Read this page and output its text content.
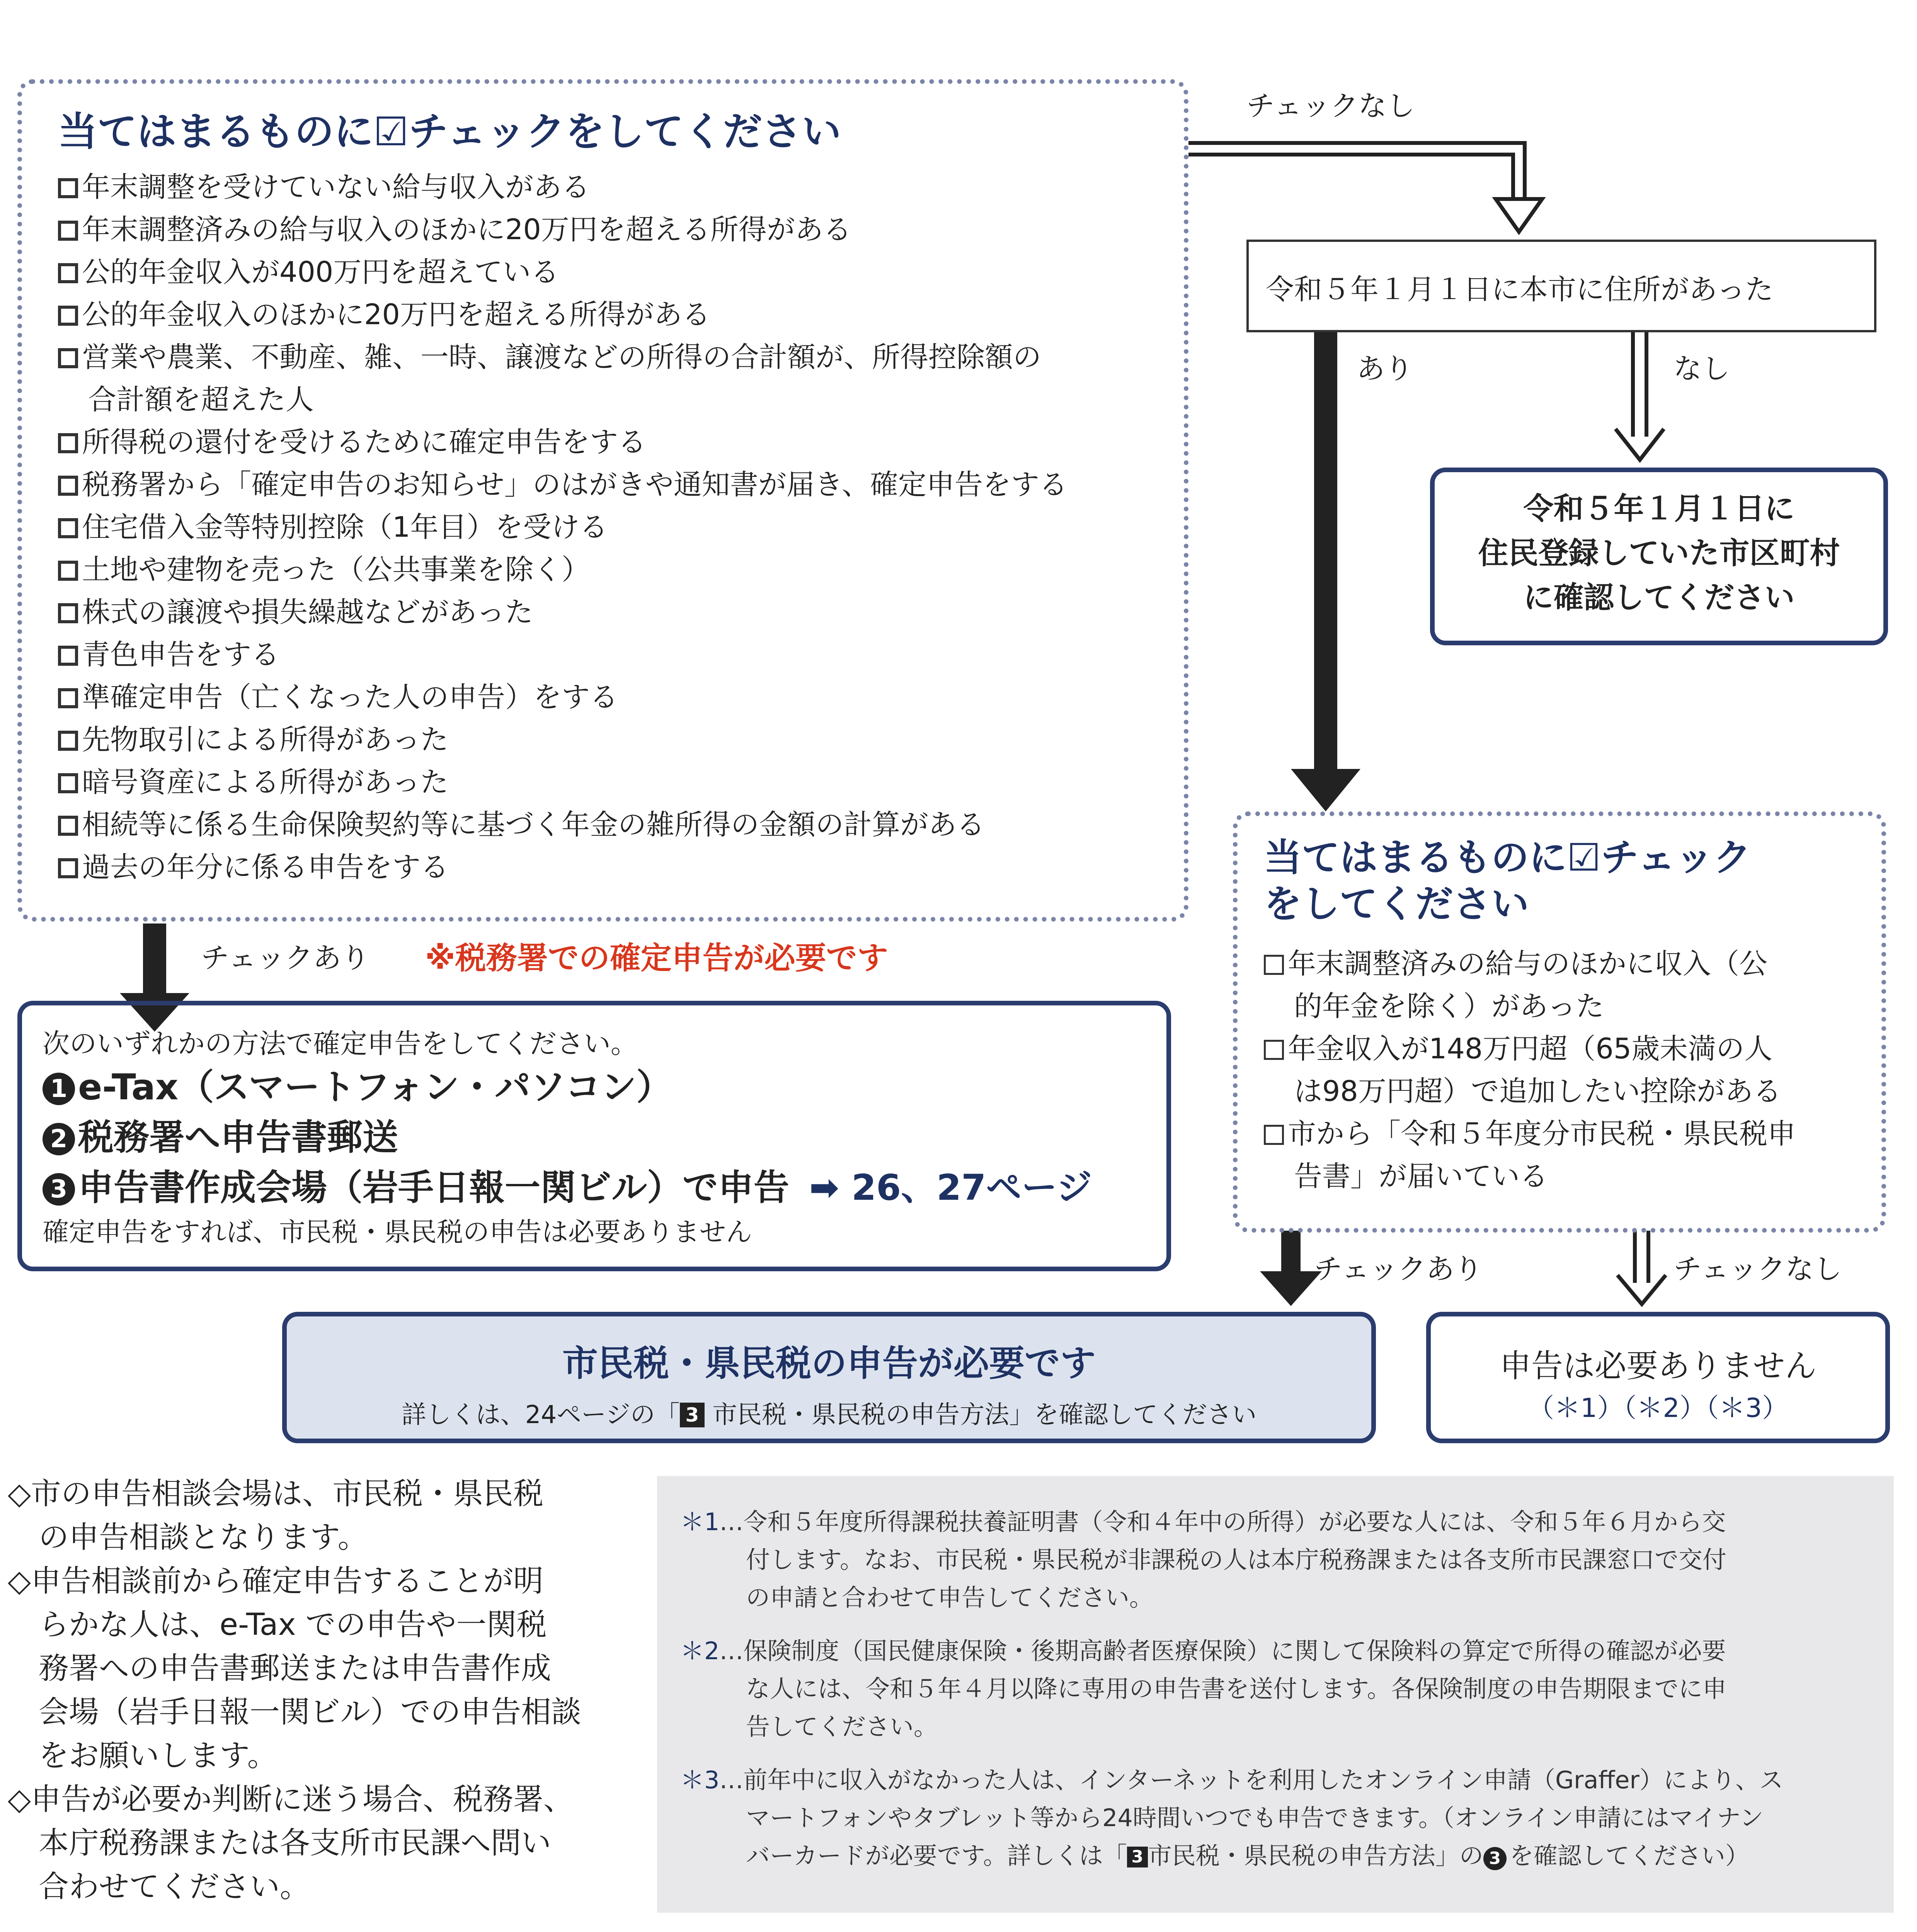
当てはまるものに☑チェックをしてください
年末調整を受けていない給与収入がある
年末調整済みの給与収入のほかに20万円を超える所得がある
公的年金収入が400万円を超えている
公的年金収入のほかに20万円を超える所得がある
営業や農業、不動産、雑、一時、譲渡などの所得の合計額が、所得控除額の
合計額を超えた人
所得税の還付を受けるために確定申告をする
税務署から「確定申告のお知らせ」のはがきや通知書が届き、確定申告をする
住宅借入金等特別控除（1年目）を受ける
土地や建物を売った（公共事業を除く）
株式の譲渡や損失繰越などがあった
青色申告をする
準確定申告（亡くなった人の申告）をする
先物取引による所得があった
暗号資産による所得があった
相続等に係る生命保険契約等に基づく年金の雑所得の金額の計算がある
過去の年分に係る申告をする
チェックなし
令和５年１月１日に本市に住所があった
あり	なし
令和５年１月１日に
住民登録していた市区町村
に確認してください
チェックあり ※税務署での確定申告が必要です
次のいずれかの方法で確定申告をしてください。
1 e-Tax（スマートフォン・パソコン）
2 税務署へ申告書郵送
3 申告書作成会場（岩手日報一関ビル）で申告 ➡ 26、27ページ
確定申告をすれば、市民税・県民税の申告は必要ありません
当てはまるものに☑チェック
をしてください
年末調整済みの給与のほかに収入（公
的年金を除く）があった
年金収入が148万円超（65歳未満の人
は98万円超）で追加したい控除がある
市から「令和５年度分市民税・県民税申
告書」が届いている
チェックあり	チェックなし
市民税・県民税の申告が必要です
詳しくは、24ページの「 3 市民税・県民税の申告方法」を確認してください
申告は必要ありません
（＊1）（＊2）（＊3）
◇市の申告相談会場は、市民税・県民税
の申告相談となります。
◇申告相談前から確定申告することが明
らかな人は、e-Tax での申告や一関税
務署への申告書郵送または申告書作成
会場（岩手日報一関ビル）での申告相談
をお願いします。
◇申告が必要か判断に迷う場合、税務署、
本庁税務課または各支所市民課へ問い
合わせてください。
＊1…令和５年度所得課税扶養証明書（令和４年中の所得）が必要な人には、令和５年６月から交
付します。なお、市民税・県民税が非課税の人は本庁税務課または各支所市民課窓口で交付
の申請と合わせて申告してください。
＊2…保険制度（国民健康保険・後期高齢者医療保険）に関して保険料の算定で所得の確認が必要
な人には、令和５年４月以降に専用の申告書を送付します。各保険制度の申告期限までに申
告してください。
＊3…前年中に収入がなかった人は、インターネットを利用したオンライン申請（Graffer）により、ス
マートフォンやタブレット等から24時間いつでも申告できます。（オンライン申請にはマイナン
バーカードが必要です。詳しくは「 3 市民税・県民税の申告方法」の 3 を確認してください）
